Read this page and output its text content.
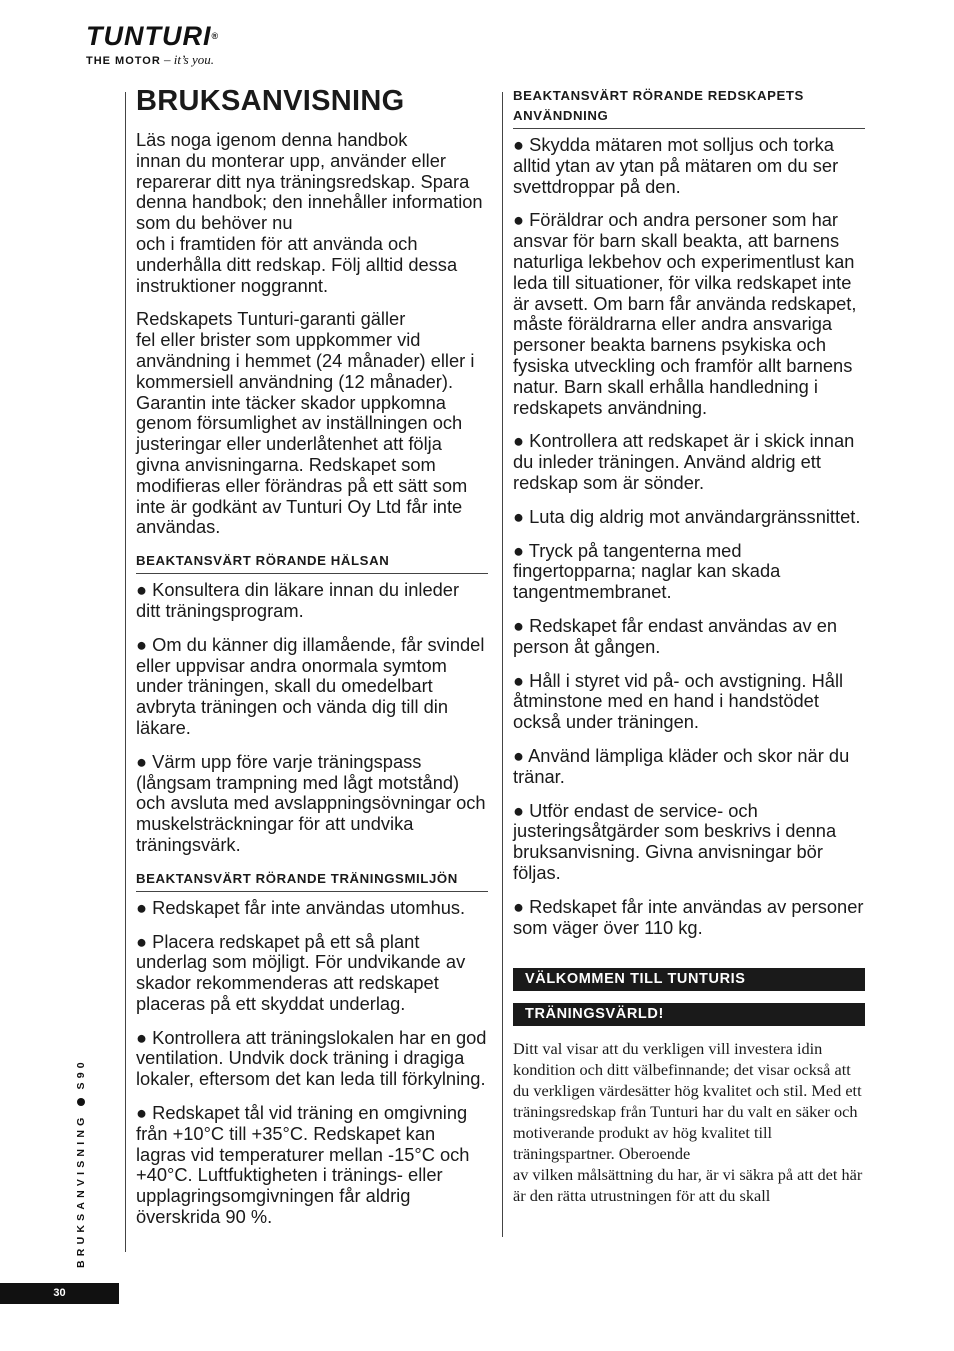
TUNTURI®
THE MOTOR – it’s you.
BRUKSANVISNING

Läs noga igenom denna handbok
innan du monterar upp, använder eller reparerar ditt nya träningsredskap. Spara denna handbok; den innehåller information som du behöver nu
och i framtiden för att använda och underhålla ditt redskap. Följ alltid dessa instruktioner noggrannt.

Redskapets Tunturi-garanti gäller
fel eller brister som uppkommer vid användning i hemmet (24 månader) eller i kommersiell användning (12 månader). Garantin inte täcker skador uppkomna genom försumlighet av inställningen och justeringar eller underlåtenhet att följa givna anvisningarna. Redskapet som modifieras eller förändras på ett sätt som inte är godkänt av Tunturi Oy Ltd får inte användas.

BEAKTANSVÄRT RÖRANDE HÄLSAN

● Konsultera din läkare innan du inleder ditt träningsprogram.

● Om du känner dig illamående, får svindel eller uppvisar andra onormala symtom under träningen, skall du omedelbart avbryta träningen och vända dig till din läkare.

● Värm upp före varje träningspass (långsam trampning med lågt motstånd) och avsluta med avslappningsövningar och muskelsträckningar för att undvika träningsvärk.

BEAKTANSVÄRT RÖRANDE TRÄNINGSMILJÖN

● Redskapet får inte användas utomhus.

● Placera redskapet på ett så plant underlag som möjligt. För undvikande av skador rekommenderas att redskapet placeras på ett skyddat underlag.

● Kontrollera att träningslokalen har en god ventilation. Undvik dock träning i dragiga lokaler, eftersom det kan leda till förkylning.

● Redskapet tål vid träning en omgivning från +10°C till +35°C. Redskapet kan lagras vid temperaturer mellan -15°C och +40°C. Luftfuktigheten i tränings- eller upplagringsomgivningen får aldrig överskrida 90 %.

BEAKTANSVÄRT RÖRANDE REDSKAPETS ANVÄNDNING

● Skydda mätaren mot solljus och torka alltid ytan av ytan på mätaren om du ser svettdroppar på den.

● Föräldrar och andra personer som har ansvar för barn skall beakta, att barnens naturliga lekbehov och experimentlust kan leda till situationer, för vilka redskapet inte är avsett. Om barn får använda redskapet, måste föräldrarna eller andra ansvariga personer beakta barnens psykiska och fysiska utveckling och framför allt barnens natur. Barn skall erhålla handledning i redskapets användning.

● Kontrollera att redskapet är i skick innan du inleder träningen. Använd aldrig ett redskap som är sönder.

● Luta dig aldrig mot användargränssnittet.

● Tryck på tangenterna med fingertopparna; naglar kan skada tangentmembranet.

● Redskapet får endast användas av en person åt gången.

● Håll i styret vid på- och avstigning. Håll åtminstone med en hand i handstödet också under träningen.

● Använd lämpliga kläder och skor när du tränar.

● Utför endast de service- och justeringsåtgärder som beskrivs i denna bruksanvisning. Givna anvisningar bör följas.

● Redskapet får inte användas av personer som väger över 110 kg.

VÄLKOMMEN TILL TUNTURIS
TRÄNINGSVÄRLD!
Ditt val visar att du verkligen vill investera idin kondition och ditt välbefinnande; det visar också att du verkligen värdesätter hög kvalitet och stil. Med ett träningsredskap från Tunturi har du valt en säker och motiverande produkt av hög kvalitet till träningspartner. Oberoende
av vilken målsättning du har, är vi säkra på att det här är den rätta utrustningen för att du skall
BRUKSANVISNINGS90
30
